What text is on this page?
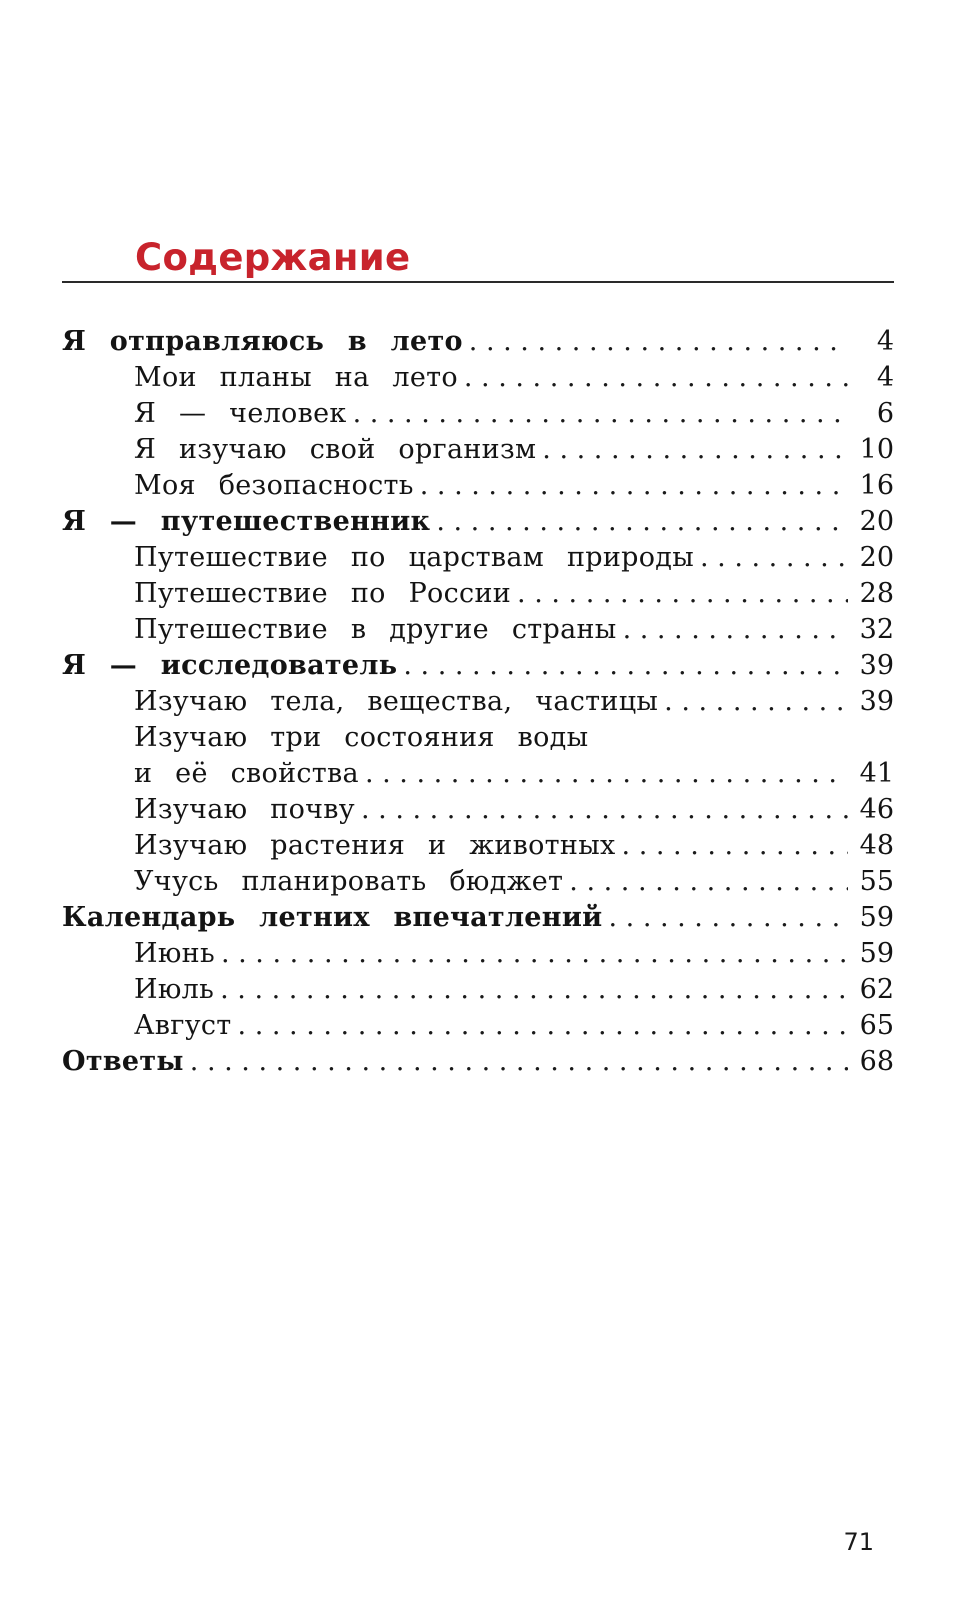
Содержание
Я отправляюсь в лето . . .	4
Мои планы на лето . . .	4
Я — человек . . .	6
Я изучаю свой организм . . .	10
Моя безопасность . . .	16
Я — путешественник . . .	20
Путешествие по царствам природы . . .	20
Путешествие по России . . .	28
Путешествие в другие страны . . .	32
Я — исследователь . . .	39
Изучаю тела, вещества, частицы . . .	39
Изучаю три состояния воды
и её свойства . . .	41
Изучаю почву . . .	46
Изучаю растения и животных . . .	48
Учусь планировать бюджет . . .	55
Календарь летних впечатлений . . .	59
Июнь . . .	59
Июль . . .	62
Август . . .	65
Ответы . . .	68
71
